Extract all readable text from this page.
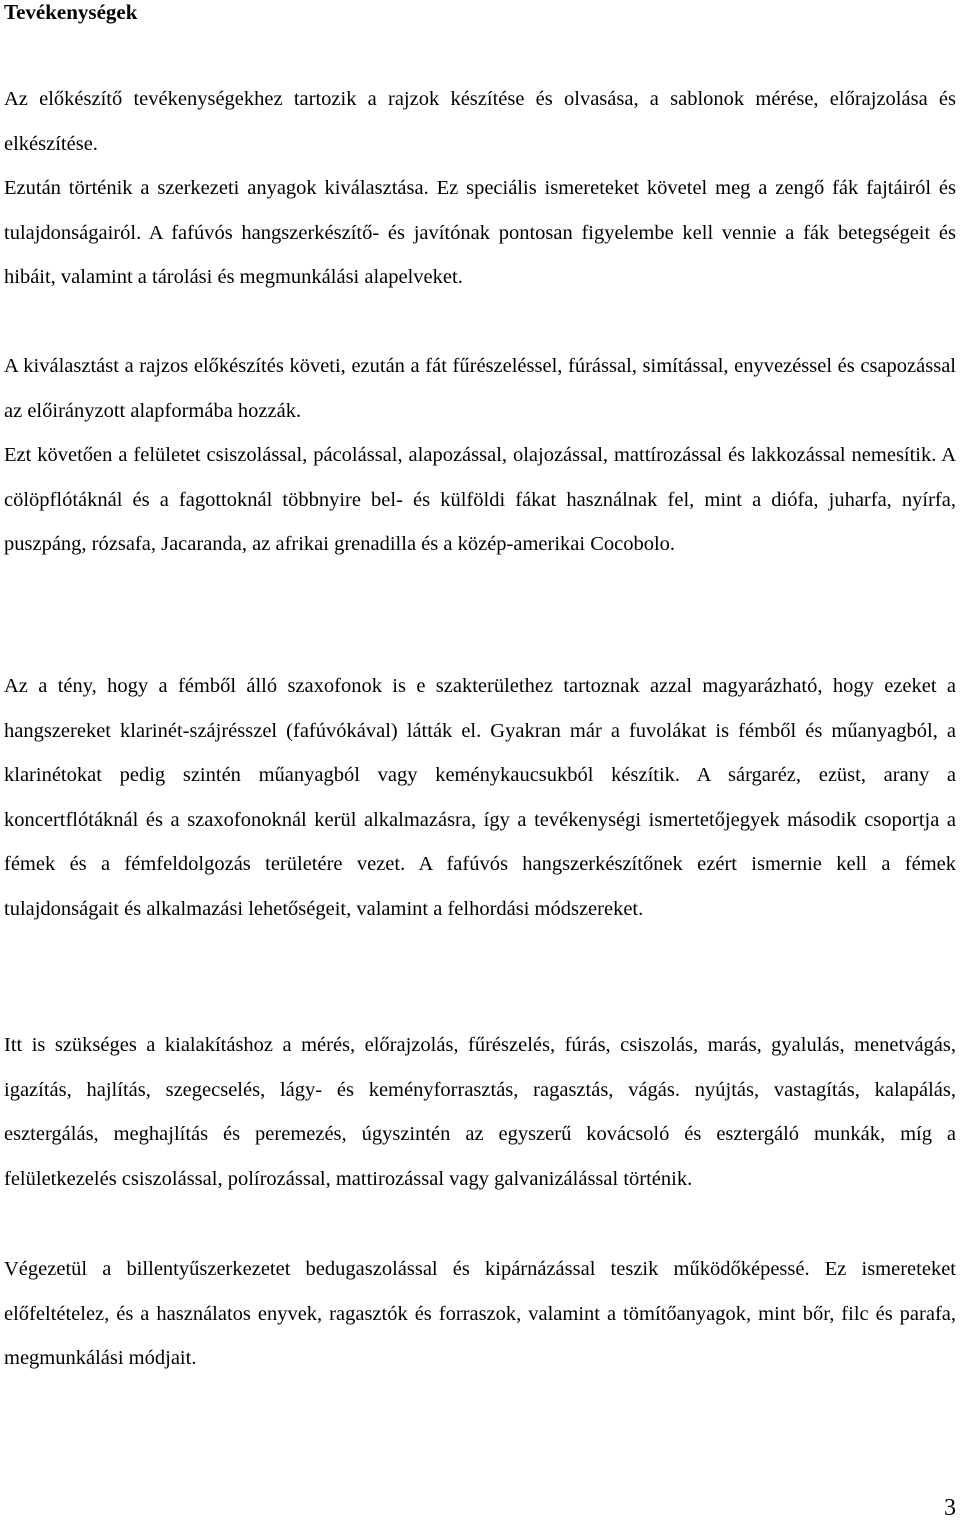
Tevékenységek

Az előkészítő tevékenységekhez tartozik a rajzok készítése és olvasása, a sablonok mérése, előrajzolása és elkészítése.

Ezután történik a szerkezeti anyagok kiválasztása. Ez speciális ismereteket követel meg a zengő fák fajtáiról és tulajdonságairól. A fafúvós hangszerkészítő- és javítónak pontosan figyelembe kell vennie a fák betegségeit és hibáit, valamint a tárolási és megmunkálási alapelveket.

A kiválasztást a rajzos előkészítés követi, ezután a fát fűrészeléssel, fúrással, simítással, enyvezéssel és csapozással az előirányzott alapformába hozzák.

Ezt követően a felületet csiszolással, pácolással, alapozással, olajozással, mattírozással és lakkozással nemesítik. A cölöpflótáknál és a fagottoknál többnyire bel- és külföldi fákat használnak fel, mint a diófa, juharfa, nyírfa, puszpáng, rózsafa, Jacaranda, az afrikai grenadilla és a közép-amerikai Cocobolo.

Az a tény, hogy a fémből álló szaxofonok is e szakterülethez tartoznak azzal magyarázható, hogy ezeket a hangszereket klarinét-szájrésszel (fafúvókával) látták el. Gyakran már a fuvolákat is fémből és műanyagból, a klarinétokat pedig szintén műanyagból vagy keménykaucsukból készítik. A sárgaréz, ezüst, arany a koncertflótáknál és a szaxofonoknál kerül alkalmazásra, így a tevékenységi ismertetőjegyek második csoportja a fémek és a fémfeldolgozás területére vezet. A fafúvós hangszerkészítőnek ezért ismernie kell a fémek tulajdonságait és alkalmazási lehetőségeit, valamint a felhordási módszereket.

Itt is szükséges a kialakításhoz a mérés, előrajzolás, fűrészelés, fúrás, csiszolás, marás, gyalulás, menetvágás, igazítás, hajlítás, szegecselés, lágy- és keményforrasztás, ragasztás, vágás. nyújtás, vastagítás, kalapálás, esztergálás, meghajlítás és peremezés, úgyszintén az egyszerű kovácsoló és esztergáló munkák, míg a felületkezelés csiszolással, polírozással, mattirozással vagy galvanizálással történik.

Végezetül a billentyűszerkezetet bedugaszolással és kipárnázással teszik működőképessé. Ez ismereteket előfeltételez, és a használatos enyvek, ragasztók és forraszok, valamint a tömítőanyagok, mint bőr, filc és parafa, megmunkálási módjait.

3
